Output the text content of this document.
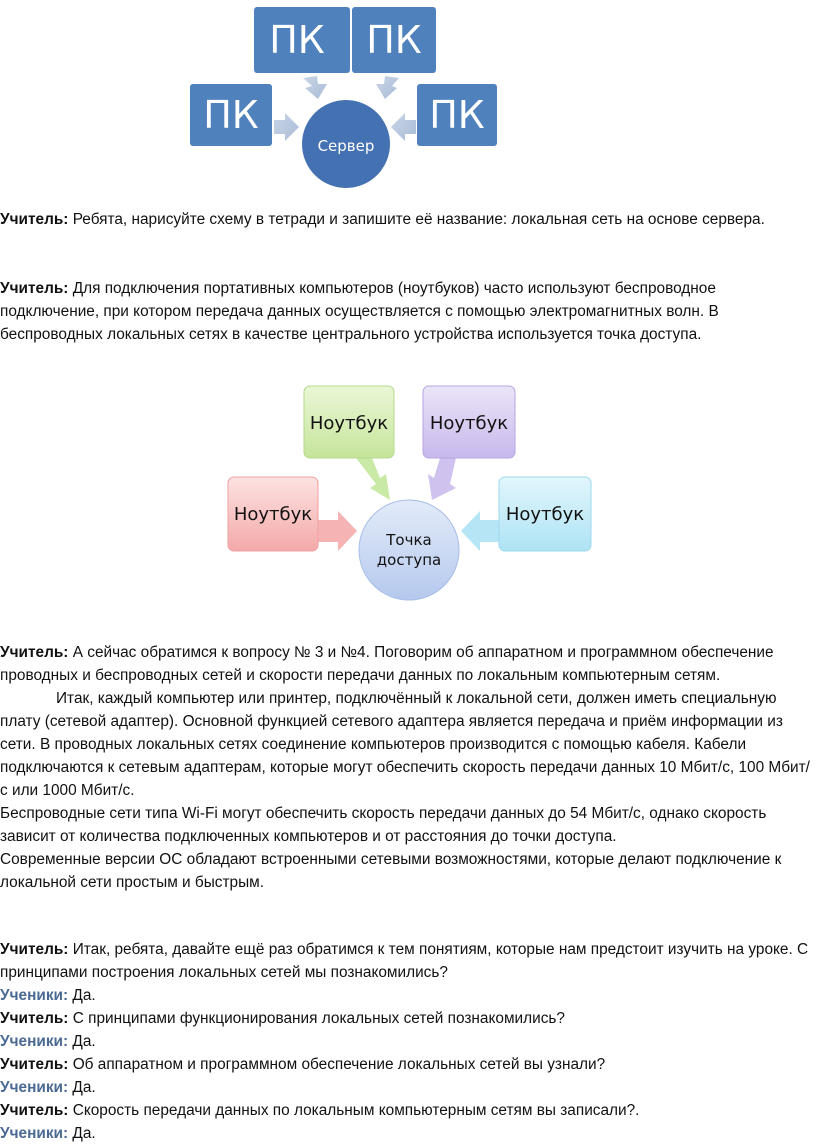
ПК ПК
ПК	ПК
Сервер

Учитель: Ребята, нарисуйте схему в тетради и запишите её название: локальная сеть на основе сервера.

Учитель: Для подключения портативных компьютеров (ноутбуков) часто используют беспроводное подключение, при котором передача данных осуществляется с помощью электромагнитных волн. В беспроводных локальных сетях в качестве центрального устройства используется точка доступа.

Ноутбук Ноутбук
Ноутбук	Ноутбук
Точка
доступа

Учитель: А сейчас обратимся к вопросу № 3 и №4. Поговорим об аппаратном и программном обеспечение проводных и беспроводных сетей и скорости передачи данных по локальным компьютерным сетям.

Итак, каждый компьютер или принтер, подключённый к локальной сети, должен иметь специальную плату (сетевой адаптер). Основной функцией сетевого адаптера является передача и приём информации из сети. В проводных локальных сетях соединение компьютеров производится с помощью кабеля. Кабели подключаются к сетевым адаптерам, которые могут обеспечить скорость передачи данных 10 Мбит/с, 100 Мбит/с или 1000 Мбит/с.

Беспроводные сети типа Wi-Fi могут обеспечить скорость передачи данных до 54 Мбит/с, однако скорость зависит от количества подключенных компьютеров и от расстояния до точки доступа.

Современные версии ОС обладают встроенными сетевыми возможностями, которые делают подключение к локальной сети простым и быстрым.

Учитель: Итак, ребята, давайте ещё раз обратимся к тем понятиям, которые нам предстоит изучить на уроке. С принципами построения локальных сетей мы познакомились?

Ученики: Да.

Учитель: С принципами функционирования локальных сетей познакомились?

Ученики: Да.

Учитель: Об аппаратном и программном обеспечение локальных сетей вы узнали?

Ученики: Да.

Учитель: Скорость передачи данных по локальным компьютерным сетям вы записали?.

Ученики: Да.
